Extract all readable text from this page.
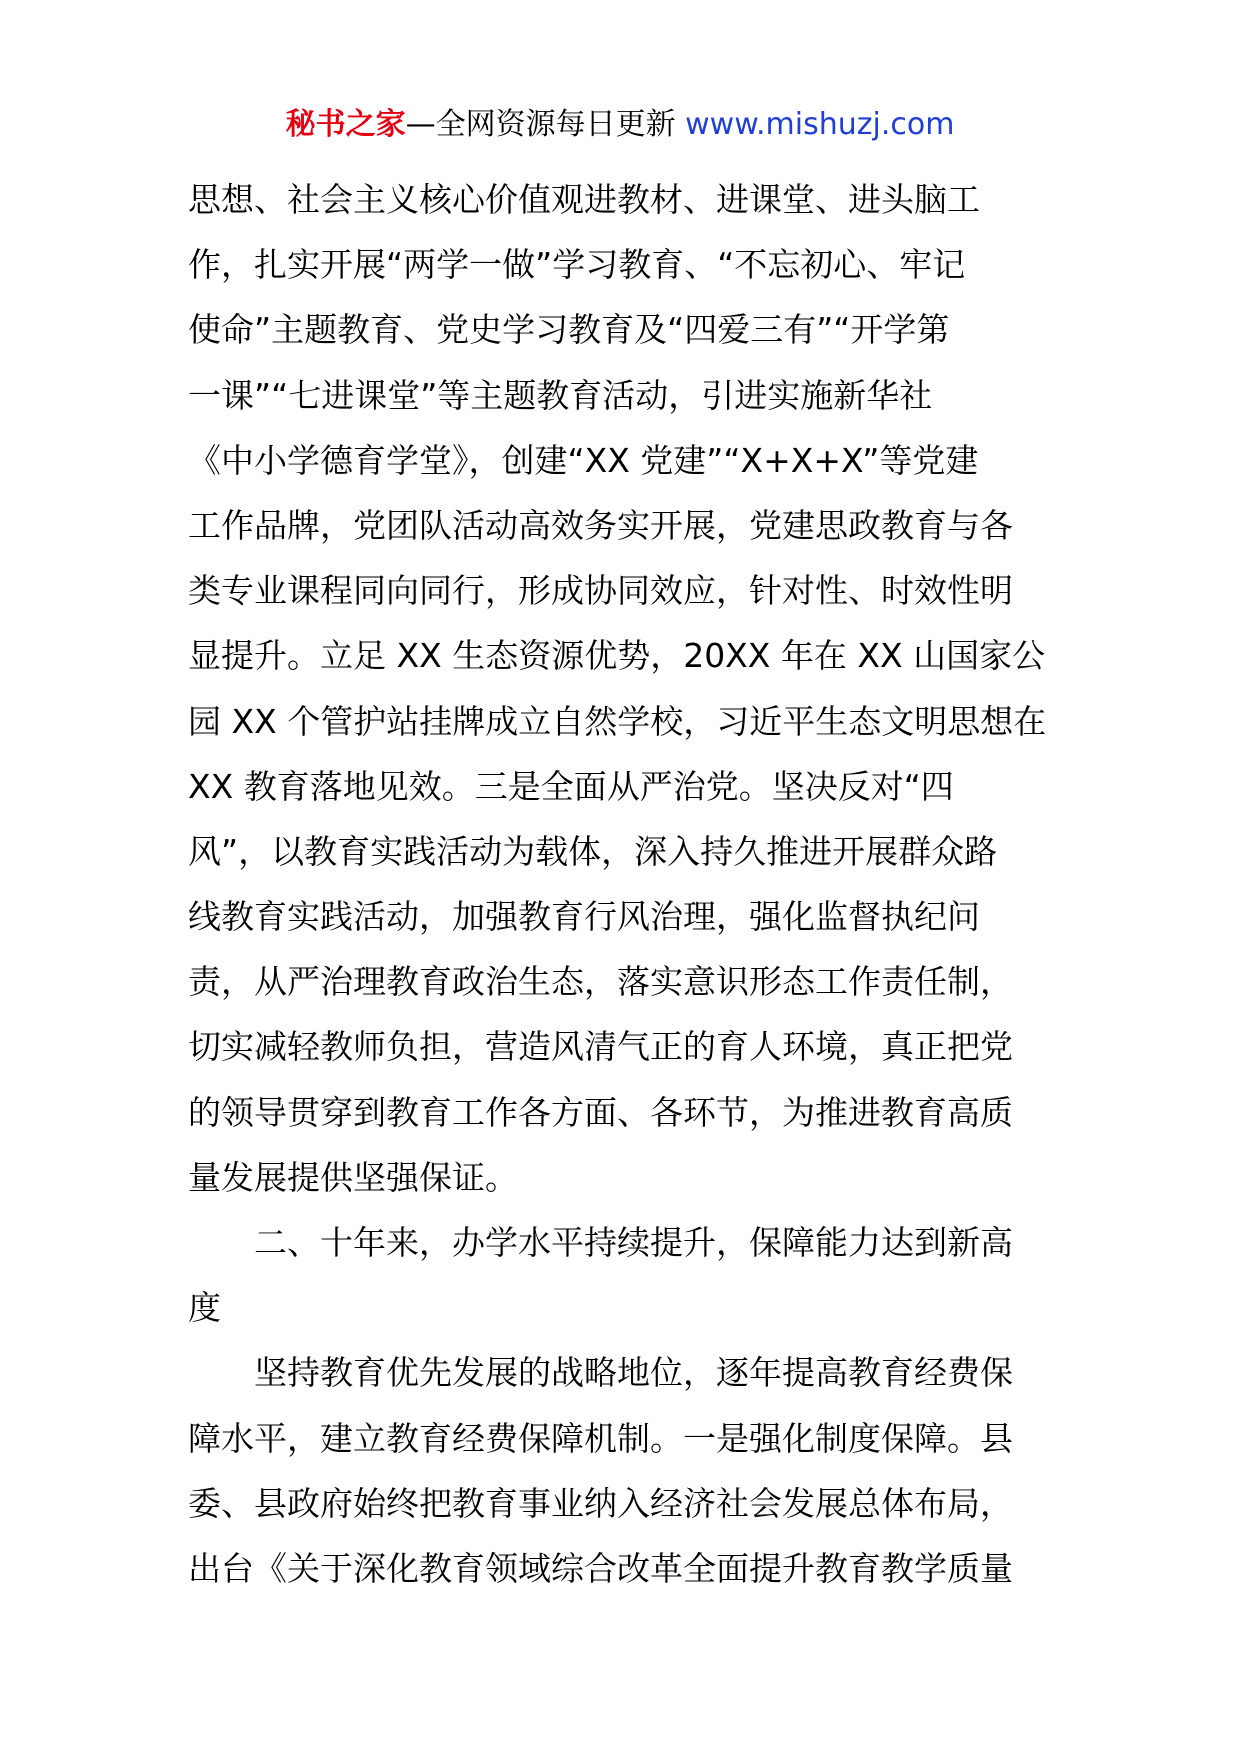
秘书之家—全网资源每日更新 www.mishuzj.com
思想、社会主义核心价值观进教材、进课堂、进头脑工
作，扎实开展“两学一做”学习教育、“不忘初心、牢记
使命”主题教育、党史学习教育及“四爱三有”“开学第
一课”“七进课堂”等主题教育活动，引进实施新华社
《中小学德育学堂》，创建“XX 党建”“X+X+X”等党建
工作品牌，党团队活动高效务实开展，党建思政教育与各
类专业课程同向同行，形成协同效应，针对性、时效性明
显提升。立足 XX 生态资源优势，20XX 年在 XX 山国家公
园 XX 个管护站挂牌成立自然学校，习近平生态文明思想在
XX 教育落地见效。三是全面从严治党。坚决反对“四
风”，以教育实践活动为载体，深入持久推进开展群众路
线教育实践活动，加强教育行风治理，强化监督执纪问
责，从严治理教育政治生态，落实意识形态工作责任制，
切实减轻教师负担，营造风清气正的育人环境，真正把党
的领导贯穿到教育工作各方面、各环节，为推进教育高质
量发展提供坚强保证。
二、十年来，办学水平持续提升，保障能力达到新高
度
坚持教育优先发展的战略地位，逐年提高教育经费保
障水平，建立教育经费保障机制。一是强化制度保障。县
委、县政府始终把教育事业纳入经济社会发展总体布局，
出台《关于深化教育领域综合改革全面提升教育教学质量
